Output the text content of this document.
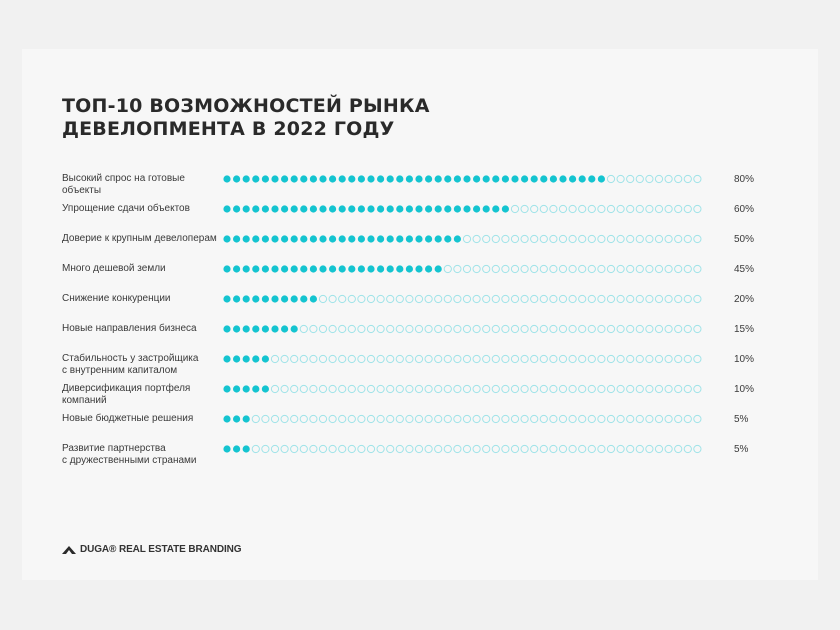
ТОП-10 ВОЗМОЖНОСТЕЙ РЫНКА
ДЕВЕЛОПМЕНТА В 2022 ГОДУ
Высокий спрос на готовые
объекты
80%
Упрощение сдачи объектов	60%
Доверие к крупным девелоперам	50%
Много дешевой земли	45%
Снижение конкуренции	20%
Новые направления бизнеса	15%
Стабильность у застройщика
с внутренним капиталом
10%
Диверсификация портфеля
компаний
10%
Новые бюджетные решения	5%
Развитие партнерства
с дружественными странами
5%
DUGA® REAL ESTATE BRANDING
